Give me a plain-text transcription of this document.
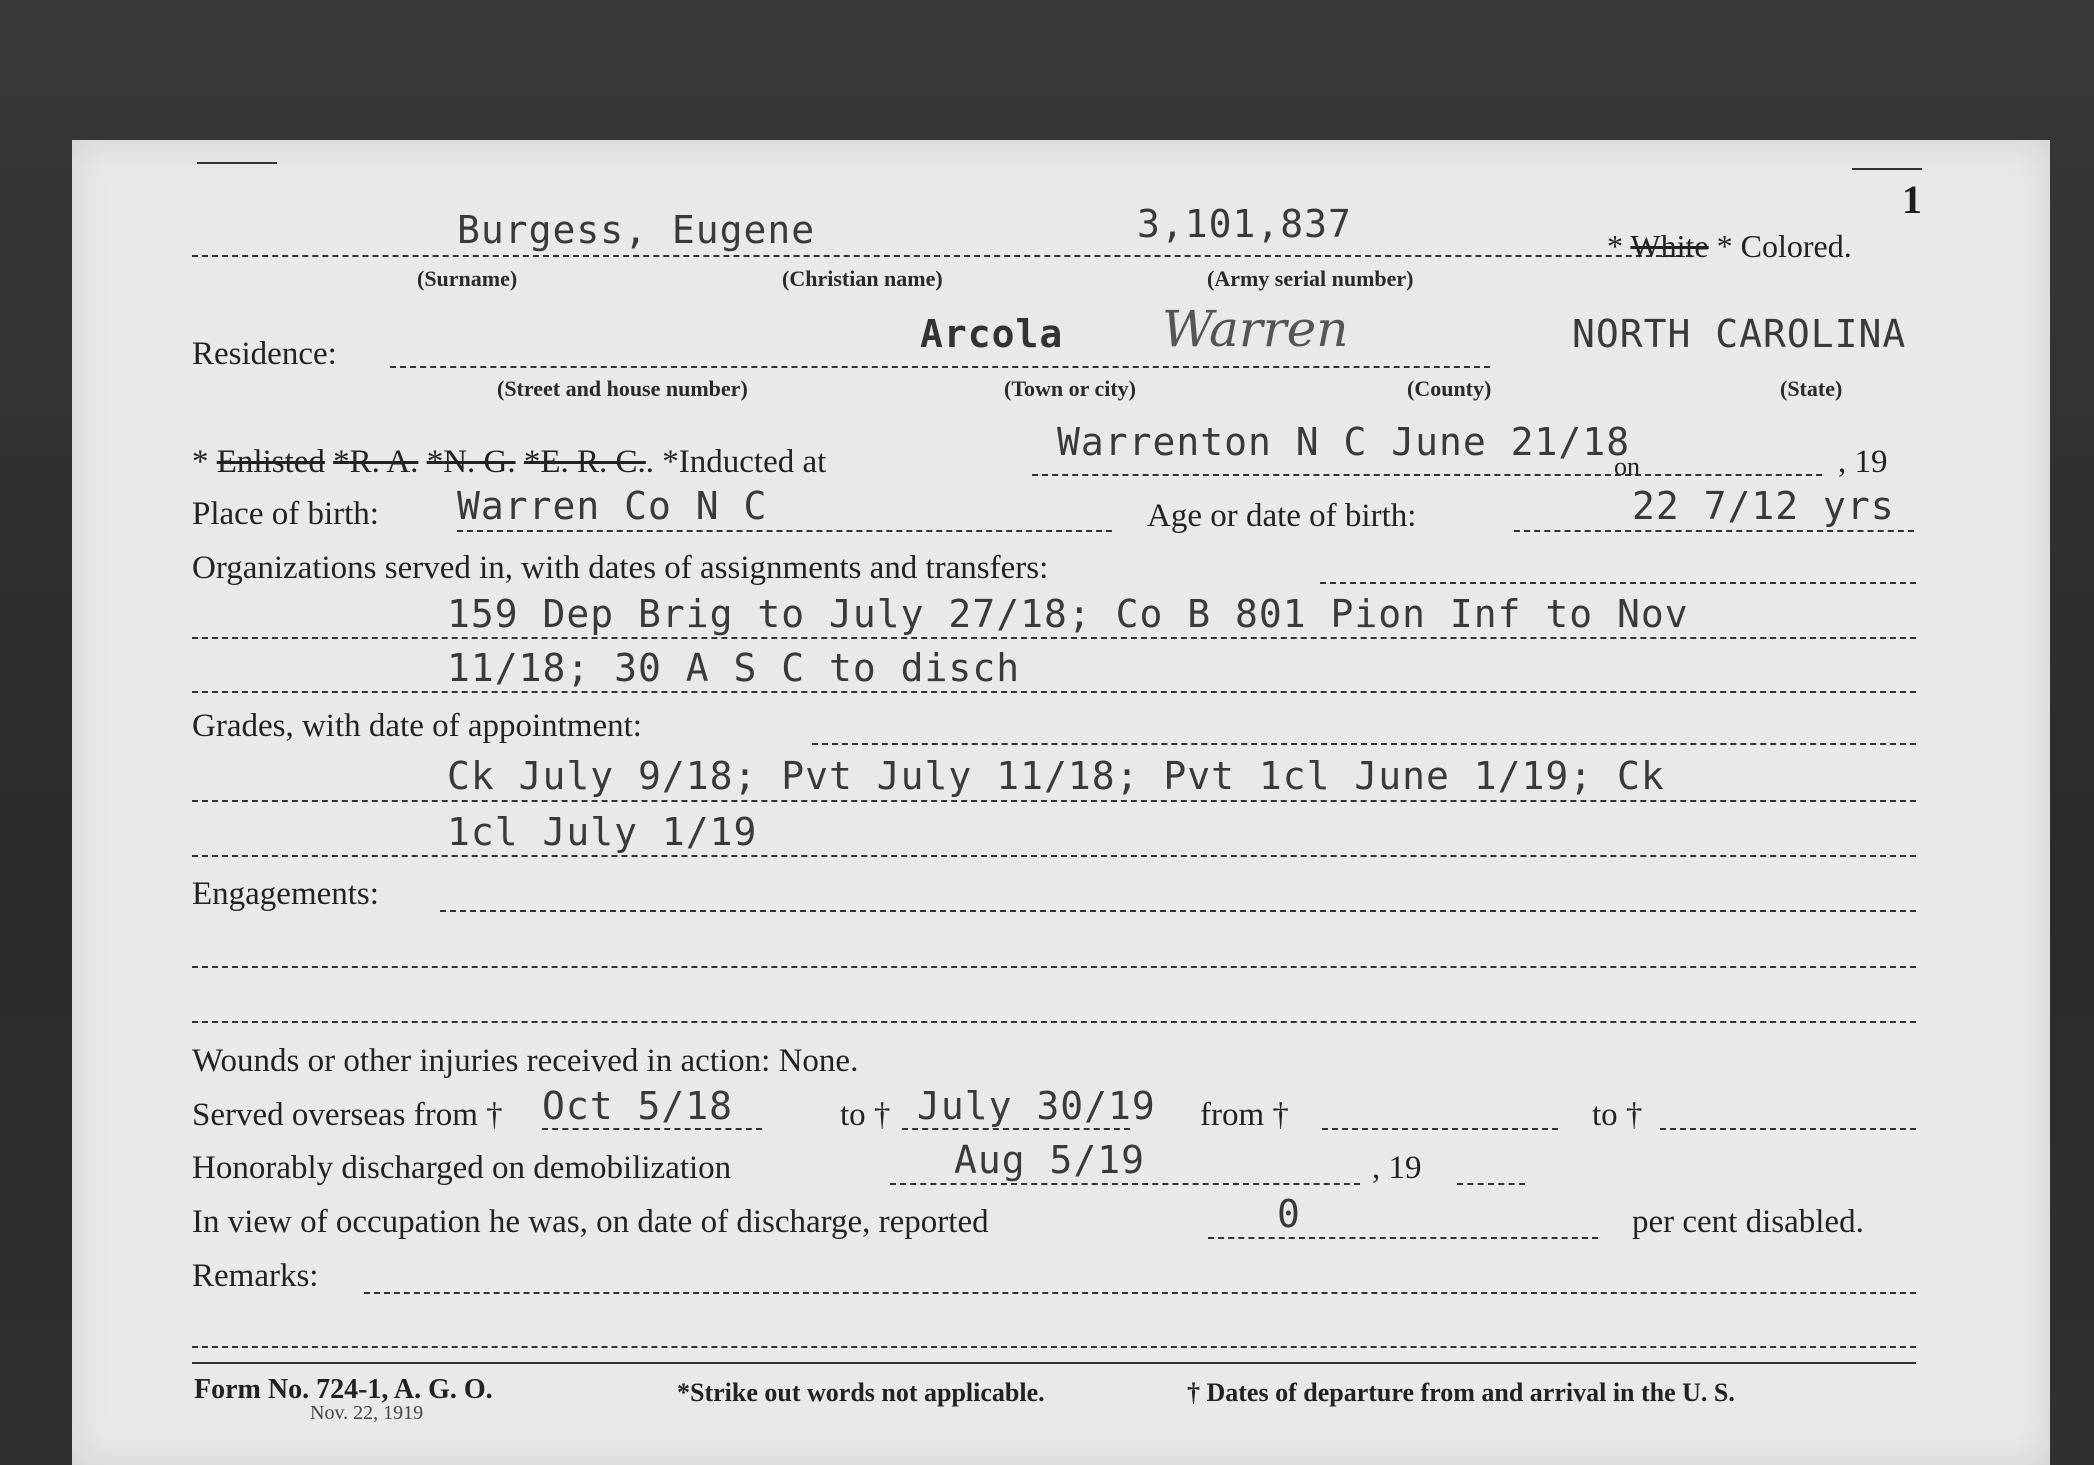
1
Burgess, Eugene	3,101,837	* White * Colored.
(Surname)	(Christian name)	(Army serial number)
Residence:	Arcola Warren	NORTH CAROLINA
(Street and house number)	(Town or city)	(County)	(State)
* Enlisted *R. A. *N. G. *E. R. C.. *Inducted at	Warrenton N C June 21/18
on	, 19
Place of birth: Warren Co N C	Age or date of birth:	22 7/12 yrs
Organizations served in, with dates of assignments and transfers:
159 Dep Brig to July 27/18; Co B 801 Pion Inf to Nov
11/18; 30 A S C to disch
Grades, with date of appointment:
Ck July 9/18; Pvt July 11/18; Pvt 1cl June 1/19; Ck
1cl July 1/19
Engagements:
Wounds or other injuries received in action: None.
Served overseas from † Oct 5/18	to † July 30/19 from †	to †
Honorably discharged on demobilization	Aug 5/19	, 19
In view of occupation he was, on date of discharge, reported	0	per cent disabled.
Remarks:
Form No. 724-1, A. G. O.
Nov. 22, 1919
*Strike out words not applicable.	† Dates of departure from and arrival in the U. S.
